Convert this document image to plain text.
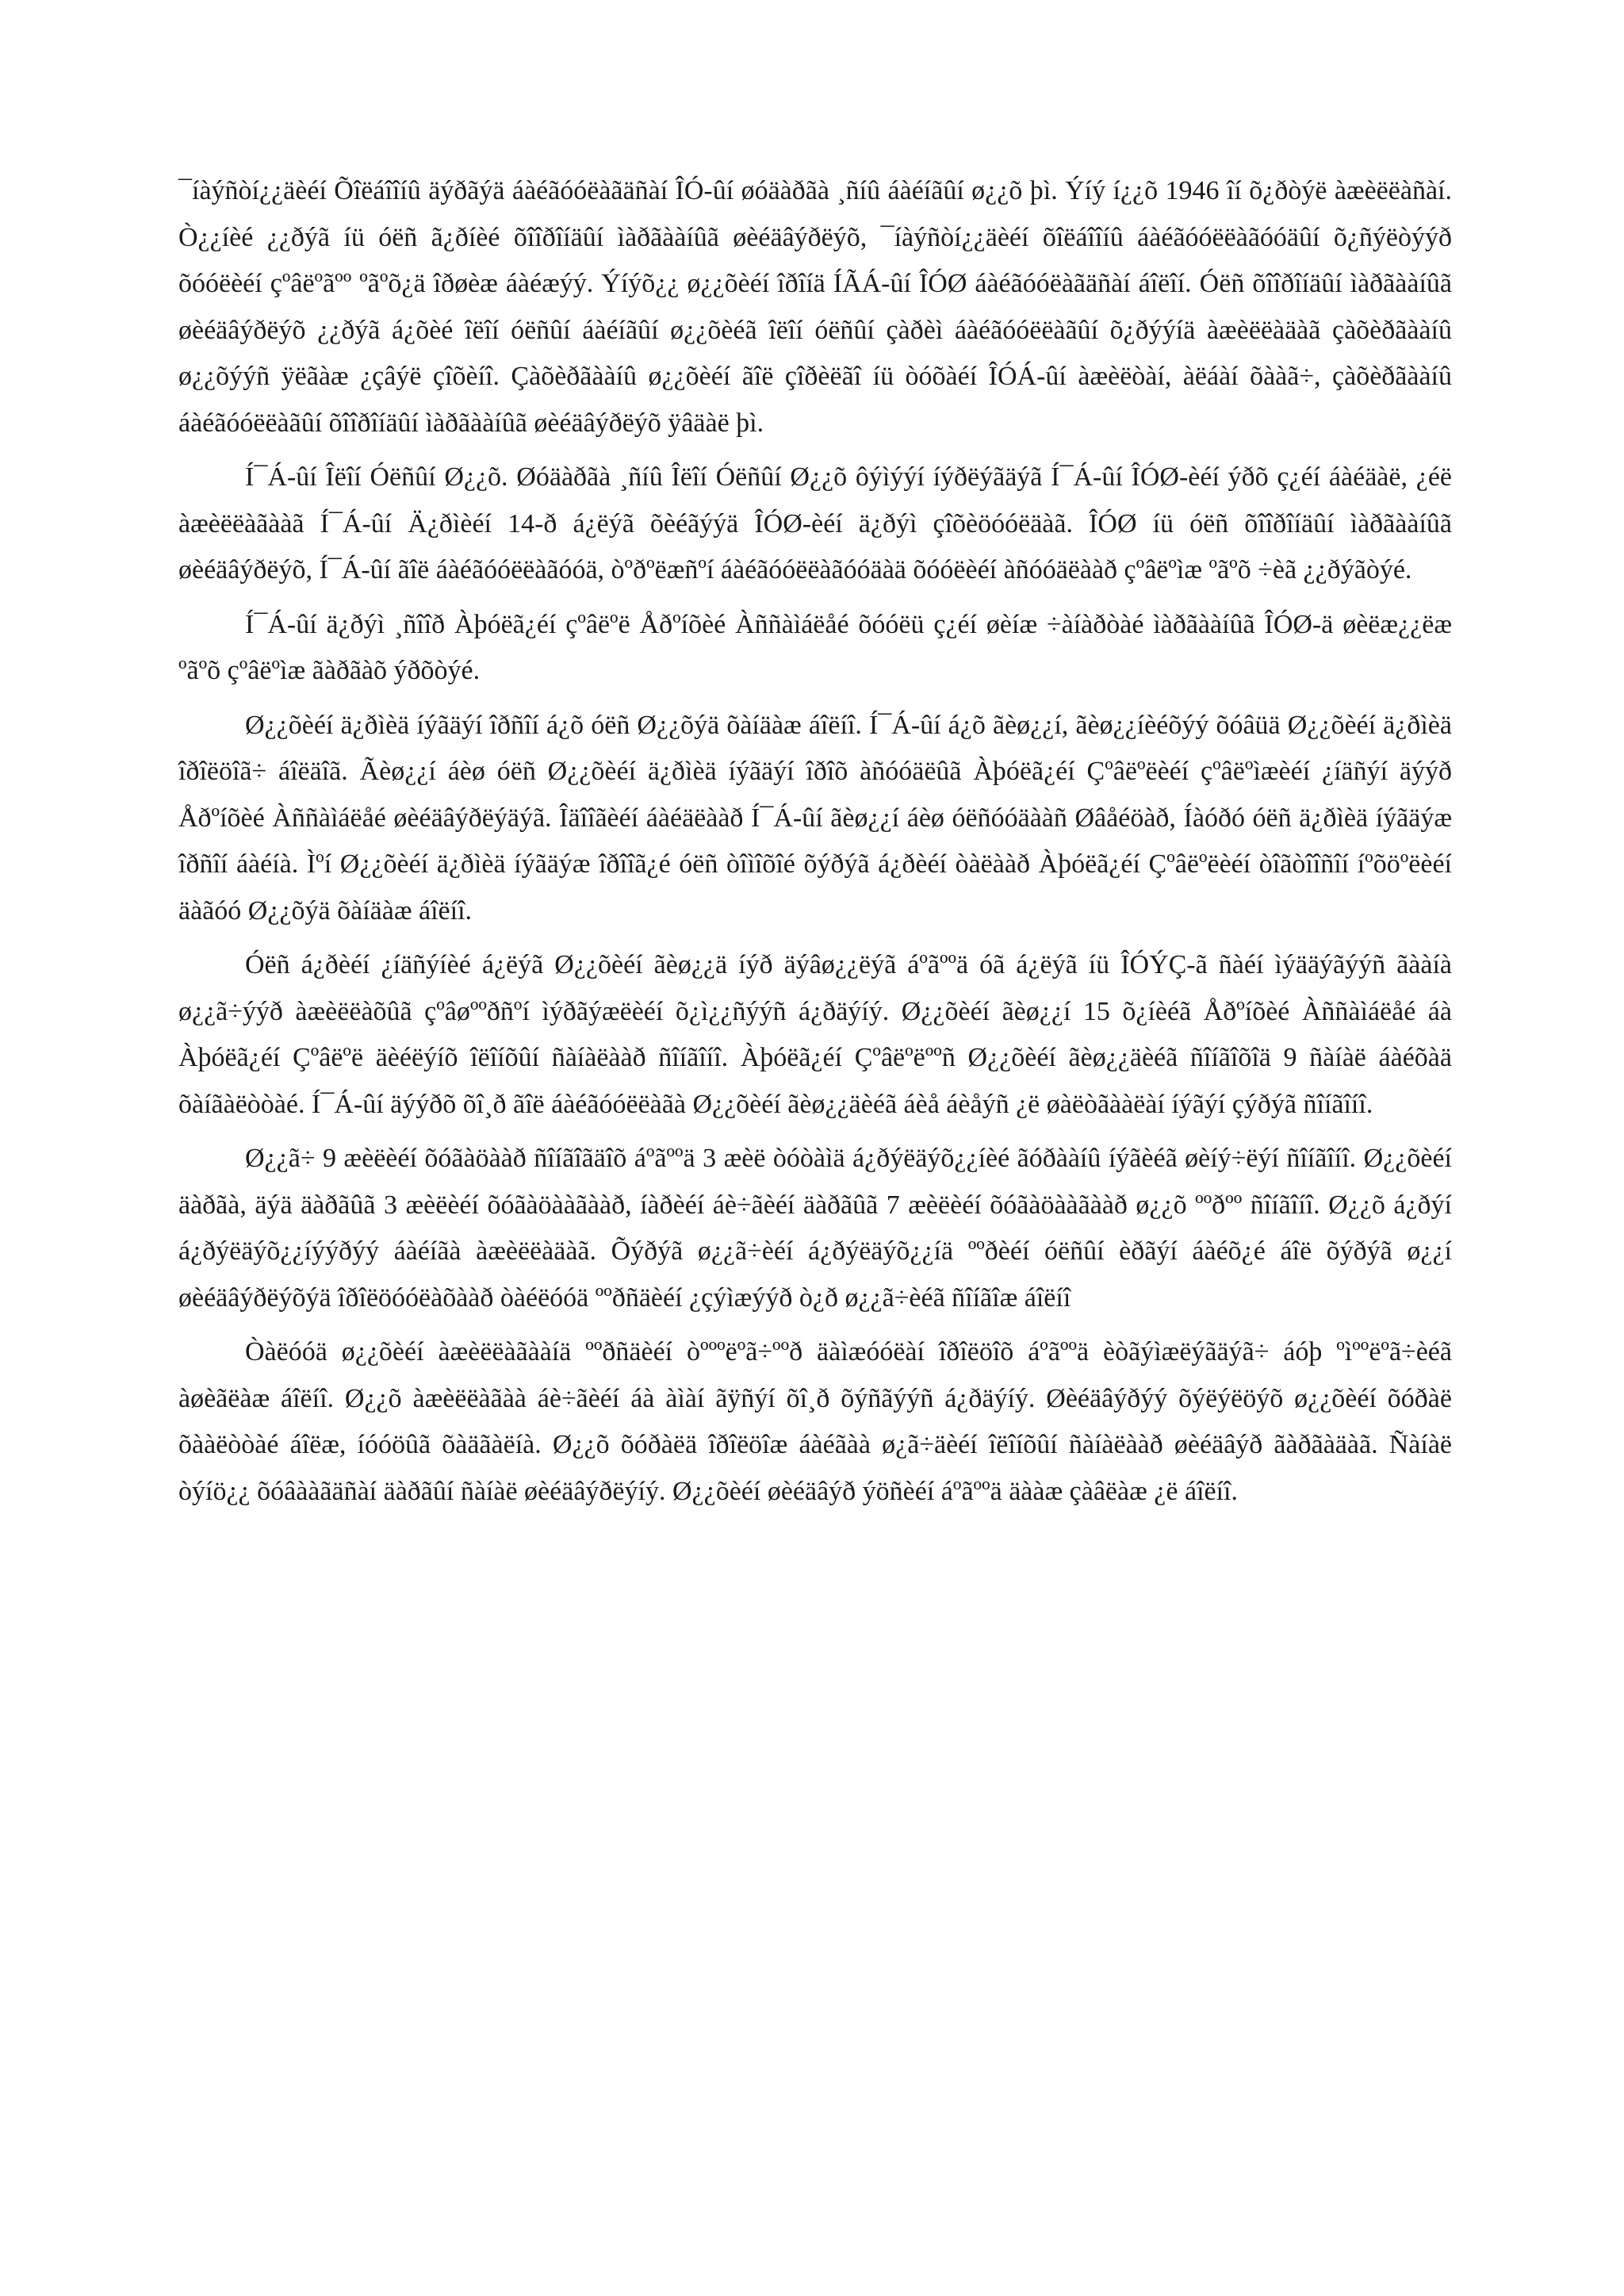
¯íàýñòí¿¿äèéí Õîëáîîíû äýðãýä áàéãóóëàãäñàí ÎÓ-ûí øóäàðãà ¸ñíû áàéíãûí ø¿¿õ þì. Ýíý í¿¿õ 1946 îí õ¿ðòýë àæèëëàñàí. Ò¿¿íèé ¿¿ðýã íü óëñ ã¿ðíèé õîîðîíäûí ìàðãààíûã øèéäâýðëýõ, ¯íàýñòí¿¿äèéí õîëáîîíû áàéãóóëëàãóóäûí õ¿ñýëòýýð õóóëèéí çºâëºãºº ºãºõ¿ä îðøèæ áàéæýý. Ýíýõ¿¿ ø¿¿õèéí îðîíä ÍÃÁ-ûí ÎÓØ áàéãóóëàãäñàí áîëîí. Óëñ õîîðîíäûí ìàðãààíûã øèéäâýðëýõ ¿¿ðýã á¿õèé îëîí óëñûí áàéíãûí ø¿¿õèéã îëîí óëñûí çàðèì áàéãóóëëàãûí õ¿ðýýíä àæèëëàäàã çàõèðãààíû ø¿¿õýýñ ÿëãàæ ¿çâýë çîõèíî. Çàõèðãààíû ø¿¿õèéí ãîë çîðèëãî íü òóõàéí ÎÓÁ-ûí àæèëòàí, àëáàí õààã÷, çàõèðãààíû áàéãóóëëàãûí õîîðîíäûí ìàðãààíûã øèéäâýðëýõ ÿâäàë þì.

Í¯Á-ûí Îëîí Óëñûí Ø¿¿õ. Øóäàðãà ¸ñíû Îëîí Óëñûí Ø¿¿õ ôýìýýí íýðëýãäýã Í¯Á-ûí ÎÓØ-èéí ýðõ ç¿éí áàéäàë, ¿éë àæèëëàãààã Í¯Á-ûí Ä¿ðìèéí 14-ð á¿ëýã õèéãýýä ÎÓØ-èéí ä¿ðýì çîõèöóóëäàã. ÎÓØ íü óëñ õîîðîíäûí ìàðãààíûã øèéäâýðëýõ, Í¯Á-ûí ãîë áàéãóóëëàãóóä, òºðºëæñºí áàéãóóëëàãóóäàä õóóëèéí àñóóäëààð çºâëºìæ ºãºõ ÷èã ¿¿ðýãòýé.

Í¯Á-ûí ä¿ðýì ¸ñîîð Àþóëã¿éí çºâëºë Åðºíõèé Àññàìáëåé õóóëü ç¿éí øèíæ ÷àíàðòàé ìàðãààíûã ÎÓØ-ä øèëæ¿¿ëæ ºãºõ çºâëºìæ ãàðãàõ ýðõòýé.

Ø¿¿õèéí ä¿ðìèä íýãäýí îðñîí á¿õ óëñ Ø¿¿õýä õàíäàæ áîëíî. Í¯Á-ûí á¿õ ãèø¿¿í, ãèø¿¿íèéõýý õóâüä Ø¿¿õèéí ä¿ðìèä îðîëöîã÷ áîëäîã. Ãèø¿¿í áèø óëñ Ø¿¿õèéí ä¿ðìèä íýãäýí îðîõ àñóóäëûã Àþóëã¿éí Çºâëºëèéí çºâëºìæèéí ¿íäñýí äýýð Åðºíõèé Àññàìáëåé øèéäâýðëýäýã. Îäîîãèéí áàéäëààð Í¯Á-ûí ãèø¿¿í áèø óëñóóäààñ Øâåéöàð, Íàóðó óëñ ä¿ðìèä íýãäýæ îðñîí áàéíà. Ìºí Ø¿¿õèéí ä¿ðìèä íýãäýæ îðîîã¿é óëñ òîìîõîé õýðýã á¿ðèéí òàëààð Àþóëã¿éí Çºâëºëèéí òîãòîîñîí íºõöºëèéí äàãóó Ø¿¿õýä õàíäàæ áîëíî.

Óëñ á¿ðèéí ¿íäñýíèé á¿ëýã Ø¿¿õèéí ãèø¿¿ä íýð äýâø¿¿ëýã áºãººä óã á¿ëýã íü ÎÓÝÇ-ã ñàéí ìýääýãýýñ ãààíà ø¿¿ã÷ýýð àæèëëàõûã çºâøººðñºí ìýðãýæëèéí õ¿ì¿¿ñýýñ á¿ðäýíý. Ø¿¿õèéí ãèø¿¿í 15 õ¿íèéã Åðºíõèé Àññàìáëåé áà Àþóëã¿éí Çºâëºë äèéëýíõ îëîíõûí ñàíàëààð ñîíãîíî. Àþóëã¿éí Çºâëºëººñ Ø¿¿õèéí ãèø¿¿äèéã ñîíãîõîä 9 ñàíàë áàéõàä õàíãàëòòàé. Í¯Á-ûí äýýðõ õî¸ð ãîë áàéãóóëëàãà Ø¿¿õèéí ãèø¿¿äèéã áèå áèåýñ ¿ë øàëòãààëàí íýãýí çýðýã ñîíãîíî.

Ø¿¿ã÷ 9 æèëèéí õóãàöààð ñîíãîãäîõ áºãººä 3 æèë òóòàìä á¿ðýëäýõ¿¿íèé ãóðààíû íýãèéã øèíý÷ëýí ñîíãîíî. Ø¿¿õèéí äàðãà, äýä äàðãûã 3 æèëèéí õóãàöààãààð, íàðèéí áè÷ãèéí äàðãûã 7 æèëèéí õóãàöààãààð ø¿¿õ ººðºº ñîíãîíî. Ø¿¿õ á¿ðýí á¿ðýëäýõ¿¿íýýðýý áàéíãà àæèëëàäàã. Õýðýã ø¿¿ã÷èéí á¿ðýëäýõ¿¿íä ººðèéí óëñûí èðãýí áàéõ¿é áîë õýðýã ø¿¿í øèéäâýðëýõýä îðîëöóóëàõààð òàéëóóä ººðñäèéí ¿çýìæýýð ò¿ð ø¿¿ã÷èéã ñîíãîæ áîëíî

Òàëóóä ø¿¿õèéí àæèëëàãààíä ººðñäèéí òºººëºã÷ººð äàìæóóëàí îðîëöîõ áºãººä èòãýìæëýãäýã÷ áóþ ºìººëºã÷èéã àøèãëàæ áîëíî. Ø¿¿õ àæèëëàãàà áè÷ãèéí áà àìàí ãÿñýí õî¸ð õýñãýýñ á¿ðäýíý. Øèéäâýðýý õýëýëöýõ ø¿¿õèéí õóðàë õààëòòàé áîëæ, íóóöûã õàäãàëíà. Ø¿¿õ õóðàëä îðîëöîæ áàéãàà ø¿ã÷äèéí îëîíõûí ñàíàëààð øèéäâýð ãàðãàäàã. Ñàíàë òýíö¿¿ õóâààãäñàí äàðãûí ñàíàë øèéäâýðëýíý. Ø¿¿õèéí øèéäâýð ýöñèéí áºãººä äààæ çàâëàæ ¿ë áîëíî.
